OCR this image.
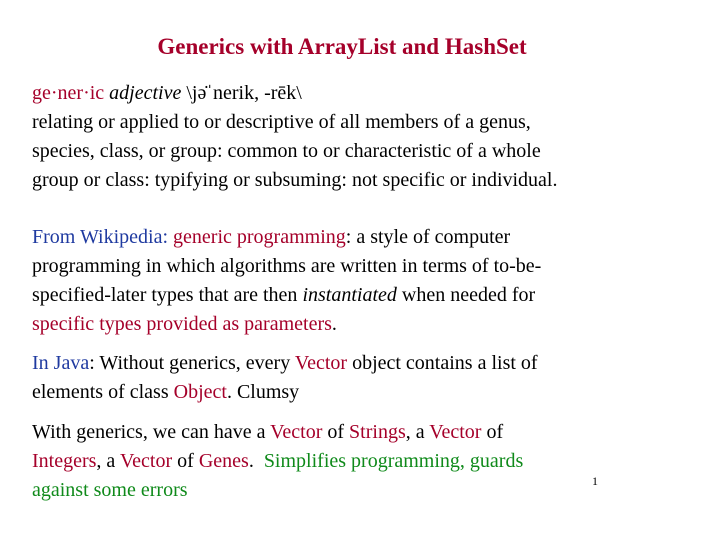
Generics with ArrayList and HashSet
ge·ner·ic adjective \jə̇ˈnerik, -rēk\
relating or applied to or descriptive of all members of a genus,
species, class, or group: common to or characteristic of a whole
group or class: typifying or subsuming: not specific or individual.
From Wikipedia: generic programming: a style of computer
programming in which algorithms are written in terms of to-be-
specified-later types that are then instantiated when needed for
specific types provided as parameters.
In Java: Without generics, every Vector object contains a list of
elements of class Object. Clumsy
With generics, we can have a Vector of Strings, a Vector of
Integers, a Vector of Genes. Simplifies programming, guards
against some errors	1
